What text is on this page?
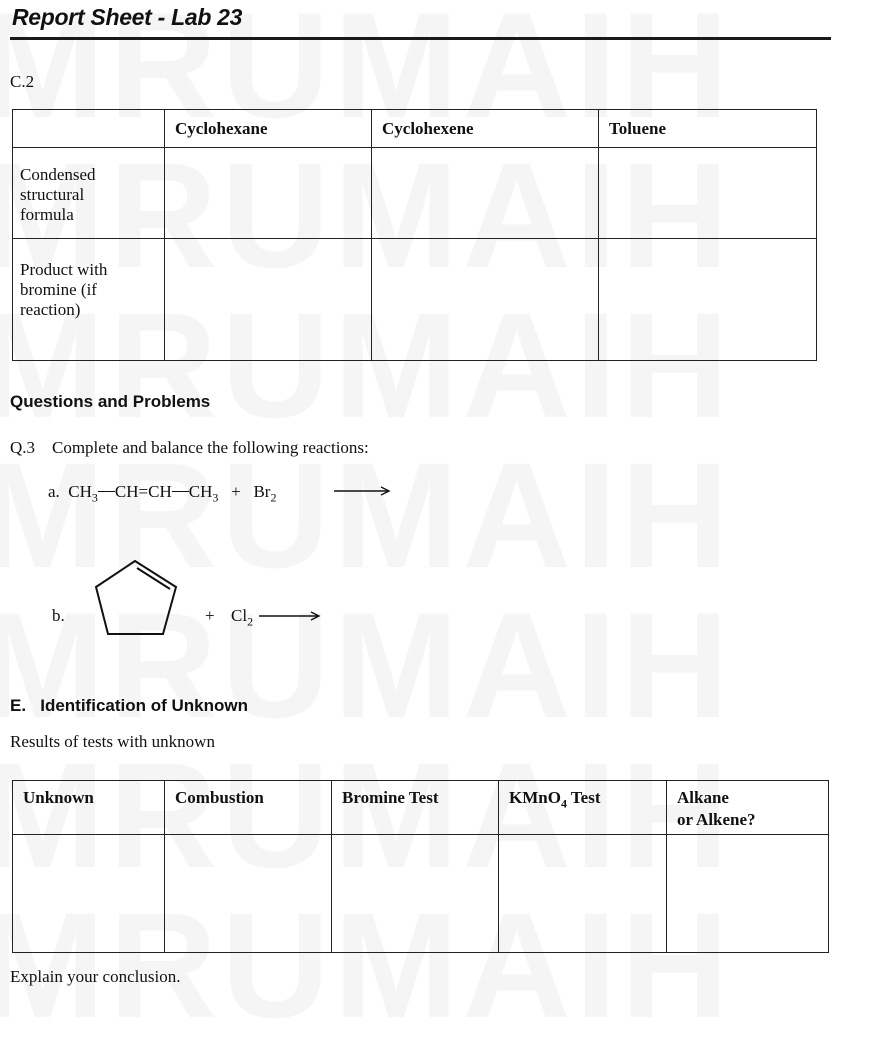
Report Sheet - Lab 23
C.2
	Cyclohexane	Cyclohexene	Toluene

Condensed
structural
formula			

Product with
bromine (if
reaction)			

Questions and Problems
Q.3 Complete and balance the following reactions:
a. $CH_3$ CH=CH $CH_3 + Br_2$
b.	+ $Cl_2$ →
E.   Identification of Unknown
Results of tests with unknown
Unknown	Combustion	Bromine Test	KMnO$_4$ Test	Alkane
or Alkene?

Explain your conclusion.
